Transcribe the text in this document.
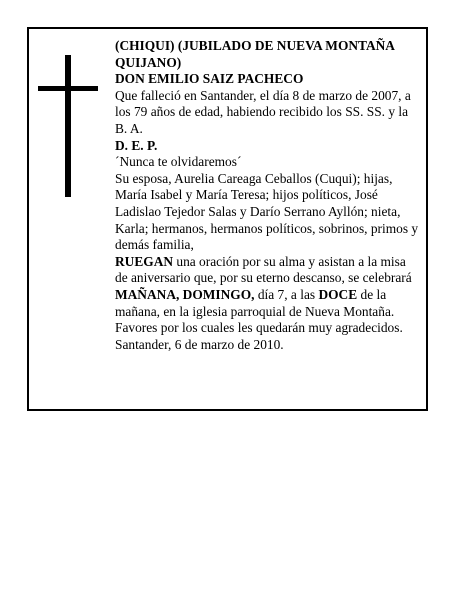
(CHIQUI) (JUBILADO DE NUEVA MONTAÑA QUIJANO)

DON EMILIO SAIZ PACHECO

Que falleció en Santander, el día 8 de marzo de 2007, a los 79 años de edad, habiendo recibido los SS. SS. y la B. A.

D. E. P.

´Nunca te olvidaremos´

Su esposa, Aurelia Careaga Ceballos (Cuqui); hijas, María Isabel y María Teresa; hijos políticos, José Ladislao Tejedor Salas y Darío Serrano Ayllón; nieta, Karla; hermanos, hermanos políticos, sobrinos, primos y demás familia,

RUEGAN una oración por su alma y asistan a la misa de aniversario que, por su eterno descanso, se celebrará MAÑANA, DOMINGO, día 7, a las DOCE de la mañana, en la iglesia parroquial de Nueva Montaña.

Favores por los cuales les quedarán muy agradecidos.

Santander, 6 de marzo de 2010.
